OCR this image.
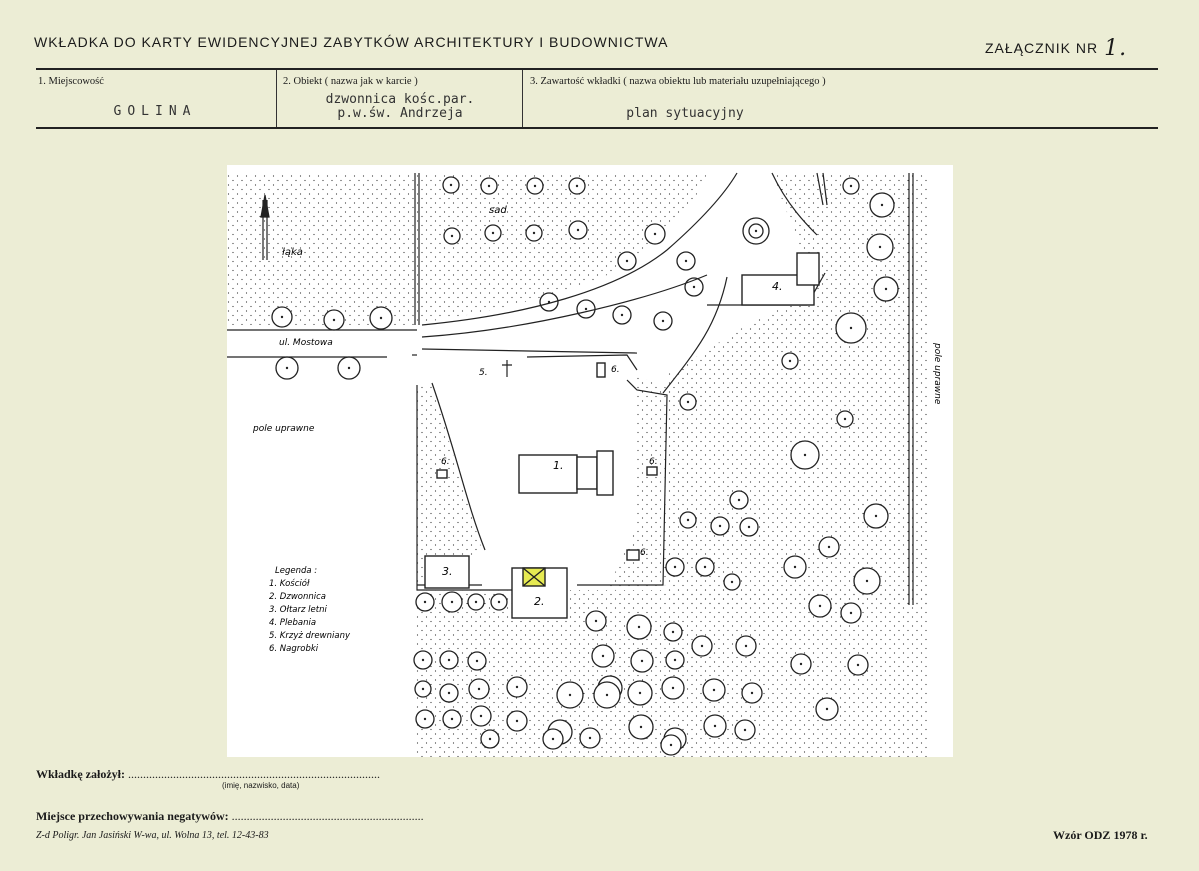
WKŁADKA DO KARTY EWIDENCYJNEJ ZABYTKÓW ARCHITEKTURY I BUDOWNICTWA	ZAŁĄCZNIK NR 1.
1. Miejscowość
GOLINA
2. Obiekt ( nazwa jak w karcie )
dzwonnica kośc.par.
p.w.św. Andrzeja
3. Zawartość wkładki ( nazwa obiektu lub materiału uzupełniającego )
plan sytuacyjny
sad
łąka
ul. Mostowa
pole uprawne
pole uprawne
1.
2.
3.
4.
5.	6.
6.	6.
6.
Legenda :
1. Kościół
2. Dzwonnica
3. Ołtarz letni
4. Plebania
5. Krzyż drewniany
6. Nagrobki
Wkładkę założył: ....................................................................................
(imię, nazwisko, data)
Miejsce przechowywania negatywów: ................................................................
Z-d Poligr. Jan Jasiński W-wa, ul. Wolna 13, tel. 12-43-83	Wzór ODZ 1978 r.
